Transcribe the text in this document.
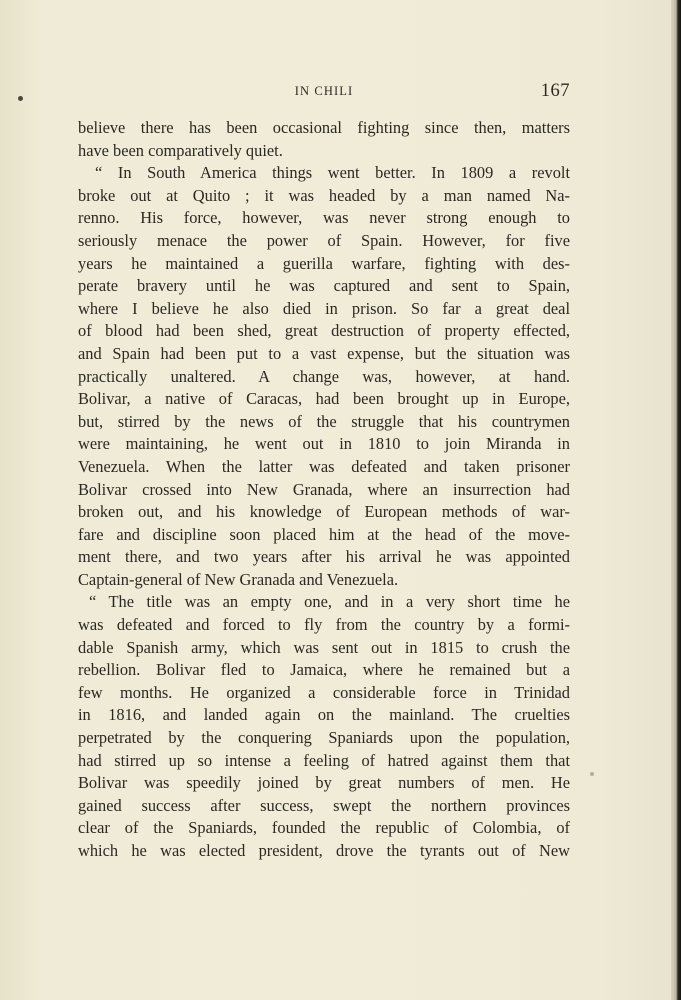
IN CHILI	167
believe there has been occasional fighting since then, matters
have been comparatively quiet.
“ In South America things went better. In 1809 a revolt
broke out at Quito ; it was headed by a man named Na-
renno. His force, however, was never strong enough to
seriously menace the power of Spain. However, for five
years he maintained a guerilla warfare, fighting with des-
perate bravery until he was captured and sent to Spain,
where I believe he also died in prison. So far a great deal
of blood had been shed, great destruction of property effected,
and Spain had been put to a vast expense, but the situation was
practically unaltered. A change was, however, at hand.
Bolivar, a native of Caracas, had been brought up in Europe,
but, stirred by the news of the struggle that his countrymen
were maintaining, he went out in 1810 to join Miranda in
Venezuela. When the latter was defeated and taken prisoner
Bolivar crossed into New Granada, where an insurrection had
broken out, and his knowledge of European methods of war-
fare and discipline soon placed him at the head of the move-
ment there, and two years after his arrival he was appointed
Captain-general of New Granada and Venezuela.
“ The title was an empty one, and in a very short time he
was defeated and forced to fly from the country by a formi-
dable Spanish army, which was sent out in 1815 to crush the
rebellion. Bolivar fled to Jamaica, where he remained but a
few months. He organized a considerable force in Trinidad
in 1816, and landed again on the mainland. The cruelties
perpetrated by the conquering Spaniards upon the population,
had stirred up so intense a feeling of hatred against them that
Bolivar was speedily joined by great numbers of men. He
gained success after success, swept the northern provinces
clear of the Spaniards, founded the republic of Colombia, of
which he was elected president, drove the tyrants out of New
